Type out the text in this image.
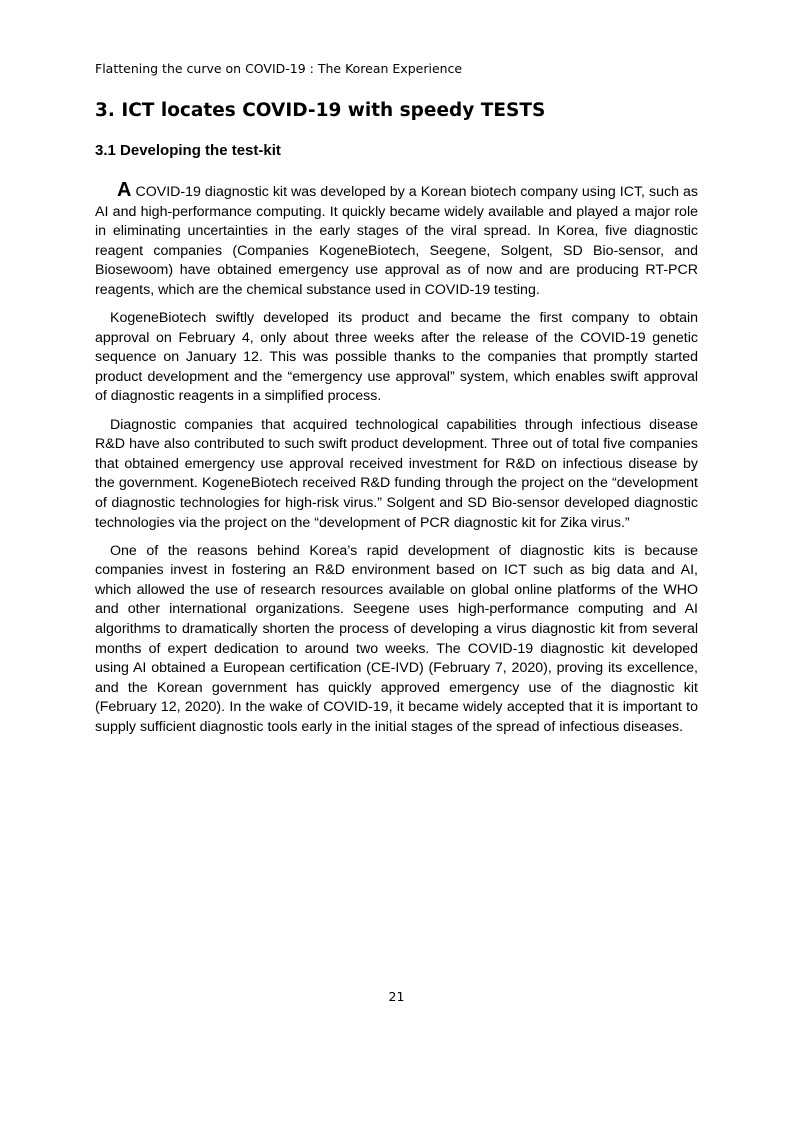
Flattening the curve on COVID-19 : The Korean Experience
3. ICT locates COVID-19 with speedy TESTS
3.1 Developing the test-kit

A COVID-19 diagnostic kit was developed by a Korean biotech company using ICT, such as AI and high-performance computing. It quickly became widely available and played a major role in eliminating uncertainties in the early stages of the viral spread. In Korea, five diagnostic reagent companies (Companies KogeneBiotech, Seegene, Solgent, SD Bio-sensor, and Biosewoom) have obtained emergency use approval as of now and are producing RT-PCR reagents, which are the chemical substance used in COVID-19 testing.

KogeneBiotech swiftly developed its product and became the first company to obtain approval on February 4, only about three weeks after the release of the COVID-19 genetic sequence on January 12. This was possible thanks to the companies that promptly started product development and the “emergency use approval” system, which enables swift approval of diagnostic reagents in a simplified process.

Diagnostic companies that acquired technological capabilities through infectious disease R&D have also contributed to such swift product development. Three out of total five companies that obtained emergency use approval received investment for R&D on infectious disease by the government. KogeneBiotech received R&D funding through the project on the “development of diagnostic technologies for high-risk virus.” Solgent and SD Bio-sensor developed diagnostic technologies via the project on the “development of PCR diagnostic kit for Zika virus.”

One of the reasons behind Korea’s rapid development of diagnostic kits is because companies invest in fostering an R&D environment based on ICT such as big data and AI, which allowed the use of research resources available on global online platforms of the WHO and other international organizations. Seegene uses high-performance computing and AI algorithms to dramatically shorten the process of developing a virus diagnostic kit from several months of expert dedication to around two weeks. The COVID-19 diagnostic kit developed using AI obtained a European certification (CE-IVD) (February 7, 2020), proving its excellence, and the Korean government has quickly approved emergency use of the diagnostic kit (February 12, 2020). In the wake of COVID-19, it became widely accepted that it is important to supply sufficient diagnostic tools early in the initial stages of the spread of infectious diseases.

21
